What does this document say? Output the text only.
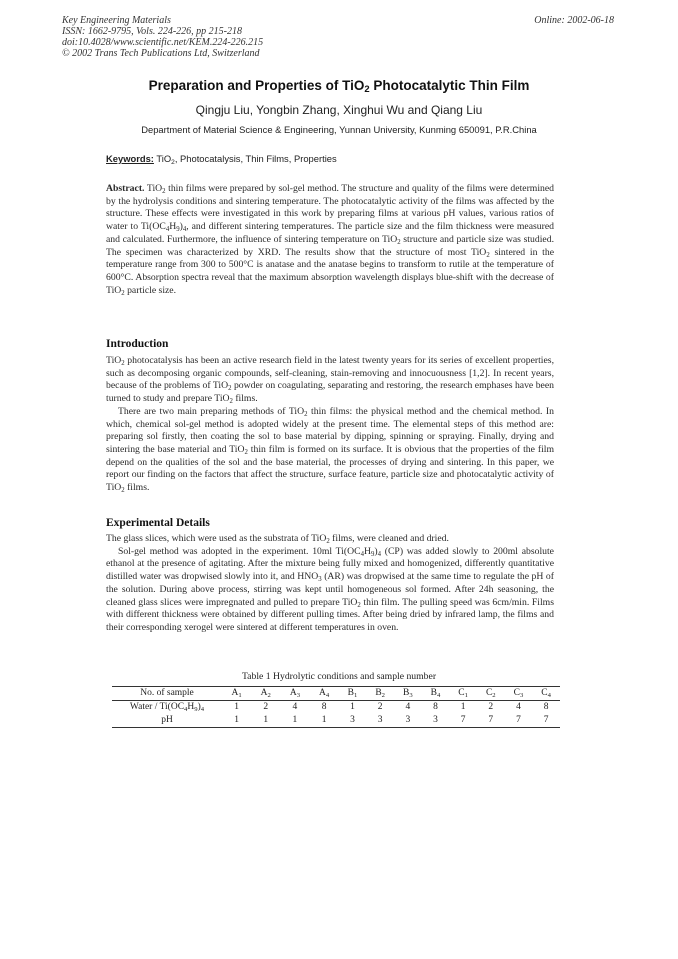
Key Engineering Materials
ISSN: 1662-9795, Vols. 224-226, pp 215-218
doi:10.4028/www.scientific.net/KEM.224-226.215
© 2002 Trans Tech Publications Ltd, Switzerland
Online: 2002-06-18
Preparation and Properties of TiO$_2$ Photocatalytic Thin Film
Qingju Liu, Yongbin Zhang, Xinghui Wu and Qiang Liu
Department of Material Science & Engineering, Yunnan University, Kunming 650091, P.R.China
Keywords: TiO$_2$, Photocatalysis, Thin Films, Properties

Abstract. TiO$_2$ thin films were prepared by sol-gel method. The structure and quality of the films were determined by the hydrolysis conditions and sintering temperature. The photocatalytic activity of the films was affected by the structure. These effects were investigated in this work by preparing films at various pH values, various ratios of water to $Ti(OC_4H_9)_4$, and different sintering temperatures. The particle size and the film thickness were measured and calculated. Furthermore, the influence of sintering temperature on TiO$_2$ structure and particle size was studied. The specimen was characterized by XRD. The results show that the structure of most TiO$_2$ sintered in the temperature range from 300 to 500°C is anatase and the anatase begins to transform to rutile at the temperature of 600°C. Absorption spectra reveal that the maximum absorption wavelength displays blue-shift with the decrease of TiO$_2$ particle size.

Introduction

TiO$_2$ photocatalysis has been an active research field in the latest twenty years for its series of excellent properties, such as decomposing organic compounds, self-cleaning, stain-removing and innocuousness [1,2]. In recent years, because of the problems of TiO$_2$ powder on coagulating, separating and restoring, the research emphases have been turned to study and prepare TiO$_2$ films.

There are two main preparing methods of TiO$_2$ thin films: the physical method and the chemical method. In which, chemical sol-gel method is adopted widely at the present time. The elemental steps of this method are: preparing sol firstly, then coating the sol to base material by dipping, spinning or spraying. Finally, drying and sintering the base material and TiO$_2$ thin film is formed on its surface. It is obvious that the properties of the film depend on the qualities of the sol and the base material, the processes of drying and sintering. In this paper, we report our finding on the factors that affect the structure, surface feature, particle size and photocatalytic activity of TiO$_2$ films.

Experimental Details

The glass slices, which were used as the substrata of TiO$_2$ films, were cleaned and dried.

Sol-gel method was adopted in the experiment. 10ml $Ti(OC_4H_9)_4$ (CP) was added slowly to 200ml absolute ethanol at the presence of agitating. After the mixture being fully mixed and homogenized, differently quantitative distilled water was dropwised slowly into it, and $HNO_3$ (AR) was dropwised at the same time to regulate the pH of the solution. During above process, stirring was kept until homogeneous sol formed. After 24h seasoning, the cleaned glass slices were impregnated and pulled to prepare TiO$_2$ thin film. The pulling speed was 6cm/min. Films with different thickness were obtained by different pulling times. After being dried by infrared lamp, the films and their corresponding xerogel were sintered at different temperatures in oven.

Table 1 Hydrolytic conditions and sample number
No. of sample	$A_1$	$A_2$	$A_3$	$A_4$	$B_1$	$B_2$	$B_3$	$B_4$	$C_1$	$C_2$	$C_3$	$C_4$
Water / $Ti(OC_4H_9)_4$	1	2	4	8	1	2	4	8	1	2	4	8
pH	1	1	1	1	3	3	3	3	7	7	7	7
